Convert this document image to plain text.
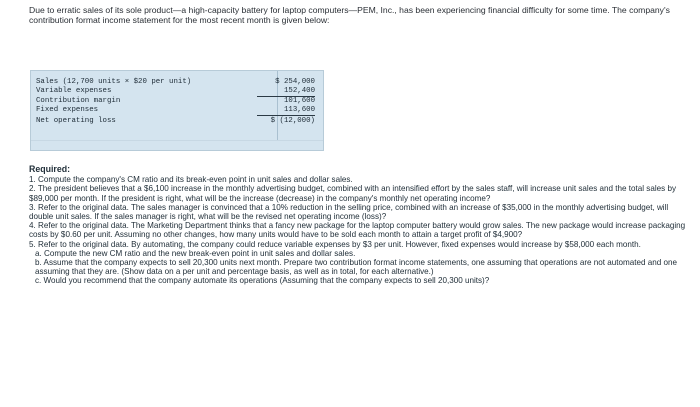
Due to erratic sales of its sole product—a high-capacity battery for laptop computers—PEM, Inc., has been experiencing financial difficulty for some time. The company's contribution format income statement for the most recent month is given below:
Sales (12,700 units × $20 per unit)	$ 254,000
Variable expenses	152,400
Contribution margin	101,600
Fixed expenses	113,600
Net operating loss	$ (12,000)
Required:

1. Compute the company's CM ratio and its break-even point in unit sales and dollar sales.

2. The president believes that a $6,100 increase in the monthly advertising budget, combined with an intensified effort by the sales staff, will increase unit sales and the total sales by $89,000 per month. If the president is right, what will be the increase (decrease) in the company's monthly net operating income?

3. Refer to the original data. The sales manager is convinced that a 10% reduction in the selling price, combined with an increase of $35,000 in the monthly advertising budget, will double unit sales. If the sales manager is right, what will be the revised net operating income (loss)?

4. Refer to the original data. The Marketing Department thinks that a fancy new package for the laptop computer battery would grow sales. The new package would increase packaging costs by $0.60 per unit. Assuming no other changes, how many units would have to be sold each month to attain a target profit of $4,900?

5. Refer to the original data. By automating, the company could reduce variable expenses by $3 per unit. However, fixed expenses would increase by $58,000 each month.

a. Compute the new CM ratio and the new break-even point in unit sales and dollar sales.

b. Assume that the company expects to sell 20,300 units next month. Prepare two contribution format income statements, one assuming that operations are not automated and one assuming that they are. (Show data on a per unit and percentage basis, as well as in total, for each alternative.)

c. Would you recommend that the company automate its operations (Assuming that the company expects to sell 20,300 units)?
